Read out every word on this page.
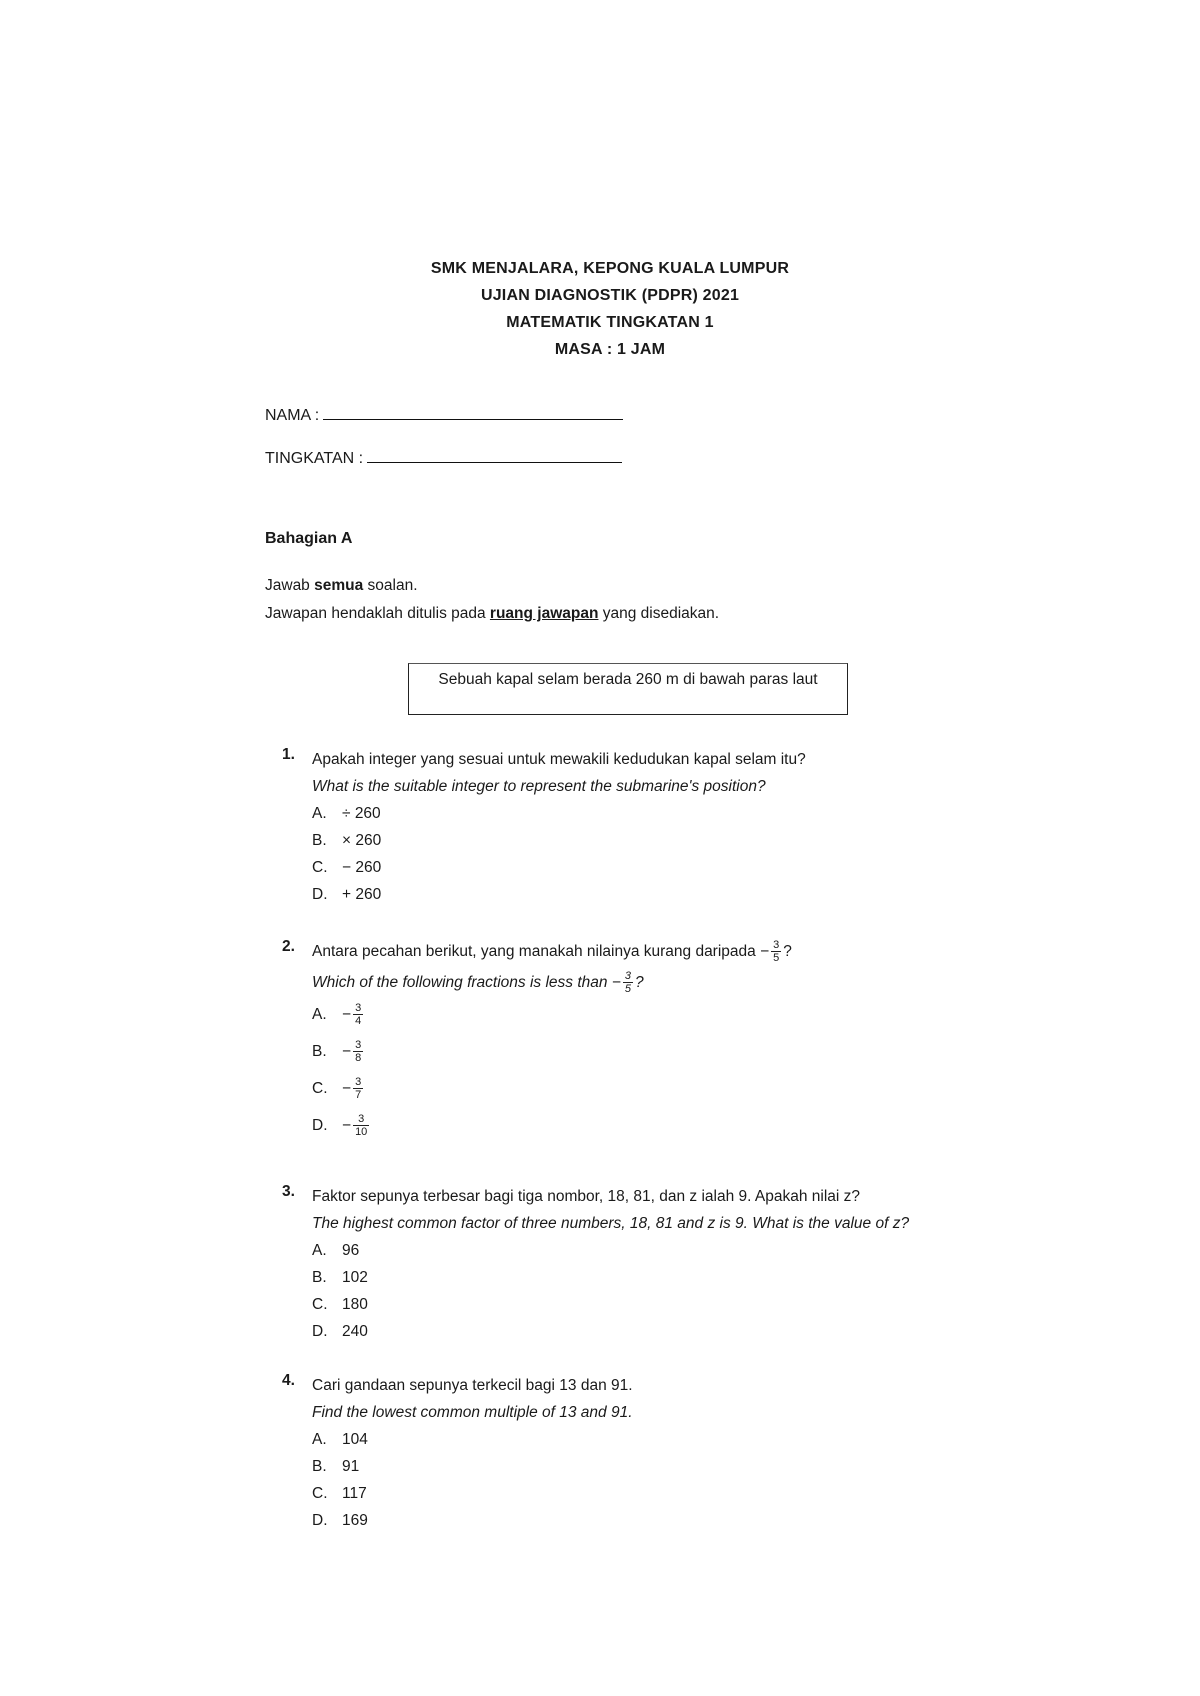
SMK MENJALARA, KEPONG KUALA LUMPUR
UJIAN DIAGNOSTIK (PDPR) 2021
MATEMATIK TINGKATAN 1
MASA : 1 JAM
NAMA :
TINGKATAN :
Bahagian A
Jawab semua soalan.
Jawapan hendaklah ditulis pada ruang jawapan yang disediakan.
Sebuah kapal selam berada 260 m di bawah paras laut
1.	Apakah integer yang sesuai untuk mewakili kedudukan kapal selam itu?
What is the suitable integer to represent the submarine's position?
A. ÷ 260
B. × 260
C. − 260
D. + 260
2.	Antara pecahan berikut, yang manakah nilainya kurang daripada − $\frac{3}{5}$ ?
Which of the following fractions is less than − $\frac{3}{5}$ ?
A. − $\frac{3}{4}$
B. − $\frac{3}{8}$
C. − $\frac{3}{7}$
D. − $\frac{3}{10}$
3.	Faktor sepunya terbesar bagi tiga nombor, 18, 81, dan z ialah 9. Apakah nilai z?
The highest common factor of three numbers, 18, 81 and z is 9. What is the value of z?
A. 96
B. 102
C. 180
D. 240
4.	Cari gandaan sepunya terkecil bagi 13 dan 91.
Find the lowest common multiple of 13 and 91.
A. 104
B. 91
C. 117
D. 169
